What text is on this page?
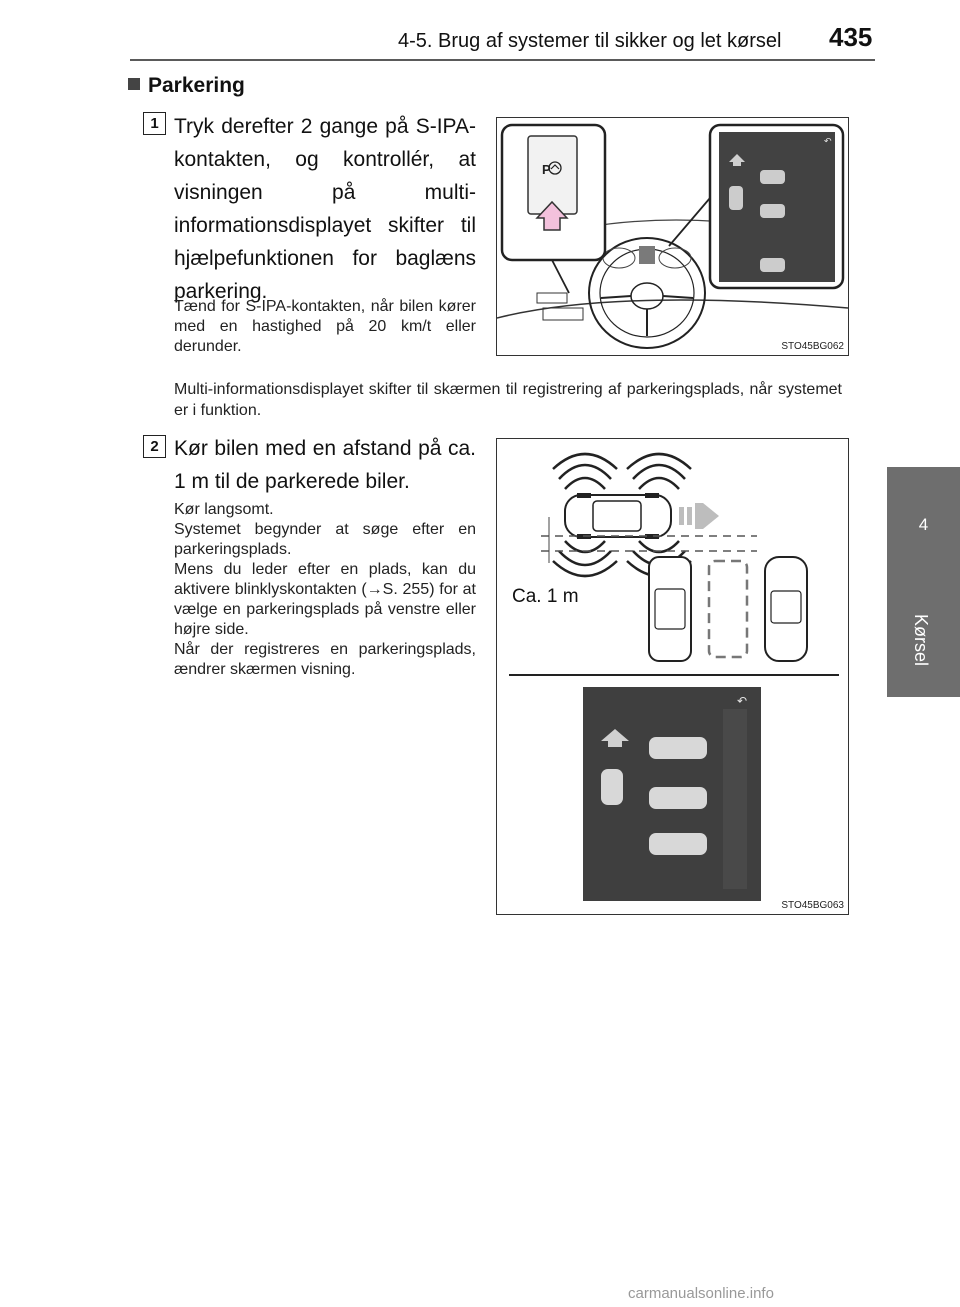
4-5. Brug af systemer til sikker og let kørsel 435
4
Kørsel
Parkering
1 Tryk derefter 2 gange på S-IPA-kontakten, og kontrollér, at visningen på multi-informationsdisplayet skifter til hjælpefunktionen for baglæns parkering.
Tænd for S-IPA-kontakten, når bilen kører med en hastighed på 20 km/t eller derunder.
Multi-informationsdisplayet skifter til skærmen til registrering af parkeringsplads, når systemet er i funktion.
↶
P
STO45BG062
2 Kør bilen med en afstand på ca. 1 m til de parkerede biler.
Kør langsomt.
Systemet begynder at søge efter en parkeringsplads.
Mens du leder efter en plads, kan du aktivere blinklyskontakten (→S. 255) for at vælge en parkeringsplads på venstre eller højre side.
Når der registreres en parkeringsplads, ændrer skærmen visning.
↶
Ca. 1 m
STO45BG063
carmanualsonline.info
